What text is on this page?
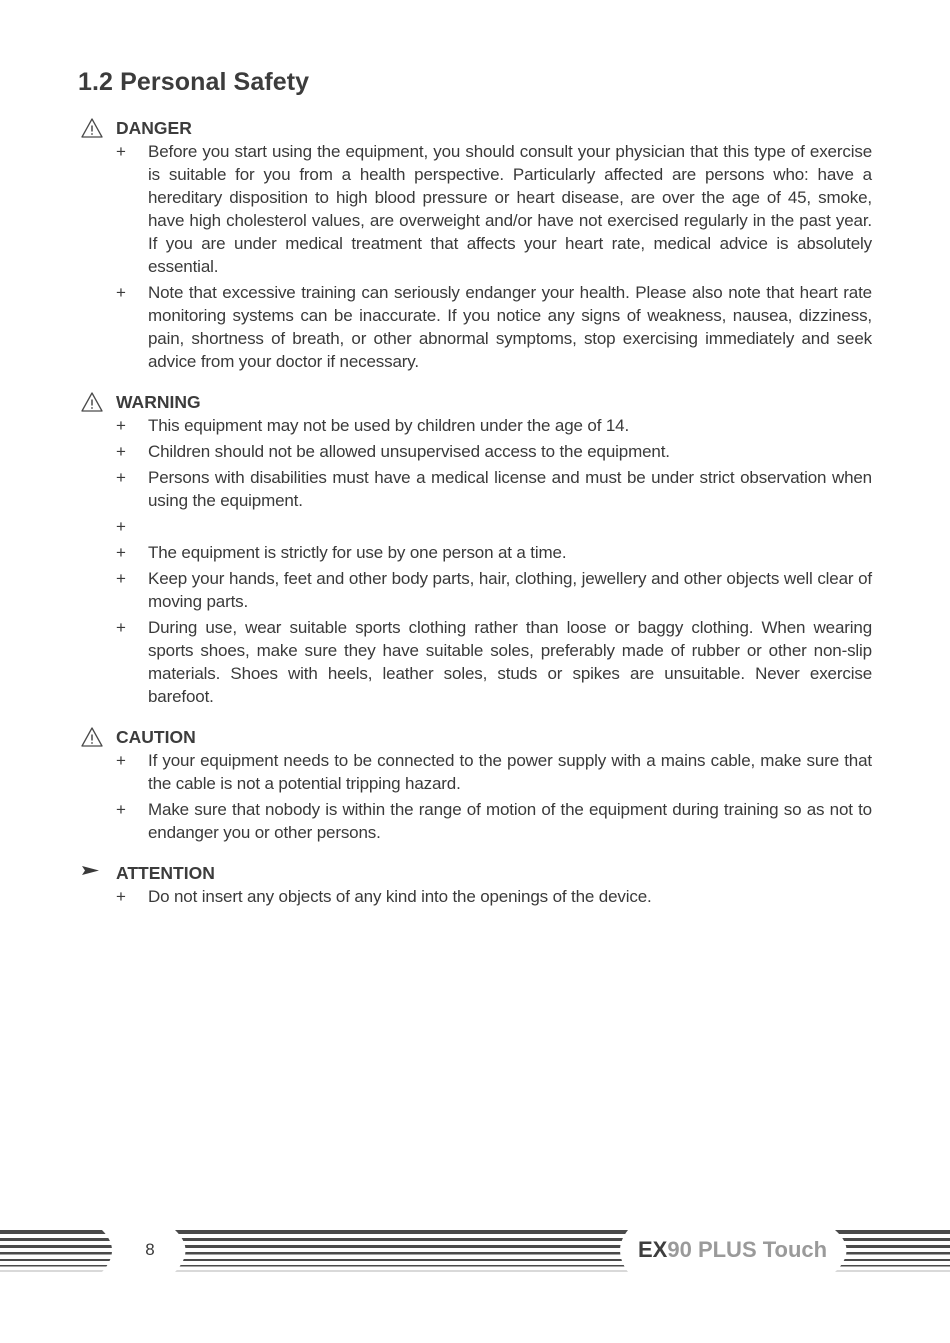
1.2 Personal Safety
DANGER
+ Before you start using the equipment, you should consult your physician that this type of exercise is suitable for you from a health perspective. Particularly affected are persons who: have a hereditary disposition to high blood pressure or heart disease, are over the age of 45, smoke, have high cholesterol values, are overweight and/or have not exercised regularly in the past year. If you are under medical treatment that affects your heart rate, medical advice is absolutely essential.
+ Note that excessive training can seriously endanger your health. Please also note that heart rate monitoring systems can be inaccurate. If you notice any signs of weakness, nausea, dizziness, pain, shortness of breath, or other abnormal symptoms, stop exercising immediately and seek advice from your doctor if necessary.
WARNING
+ This equipment may not be used by children under the age of 14.
+ Children should not be allowed unsupervised access to the equipment.
+ Persons with disabilities must have a medical license and must be under strict observation when using the equipment.
+
+ The equipment is strictly for use by one person at a time.
+ Keep your hands, feet and other body parts, hair, clothing, jewellery and other objects well clear of moving parts.
+ During use, wear suitable sports clothing rather than loose or baggy clothing. When wearing sports shoes, make sure they have suitable soles, preferably made of rubber or other non-slip materials. Shoes with heels, leather soles, studs or spikes are unsuitable. Never exercise barefoot.
CAUTION
+ If your equipment needs to be connected to the power supply with a mains cable, make sure that the cable is not a potential tripping hazard.
+ Make sure that nobody is within the range of motion of the equipment during training so as not to endanger you or other persons.
ATTENTION
+ Do not insert any objects of any kind into the openings of the device.
8	EX90 PLUS Touch
